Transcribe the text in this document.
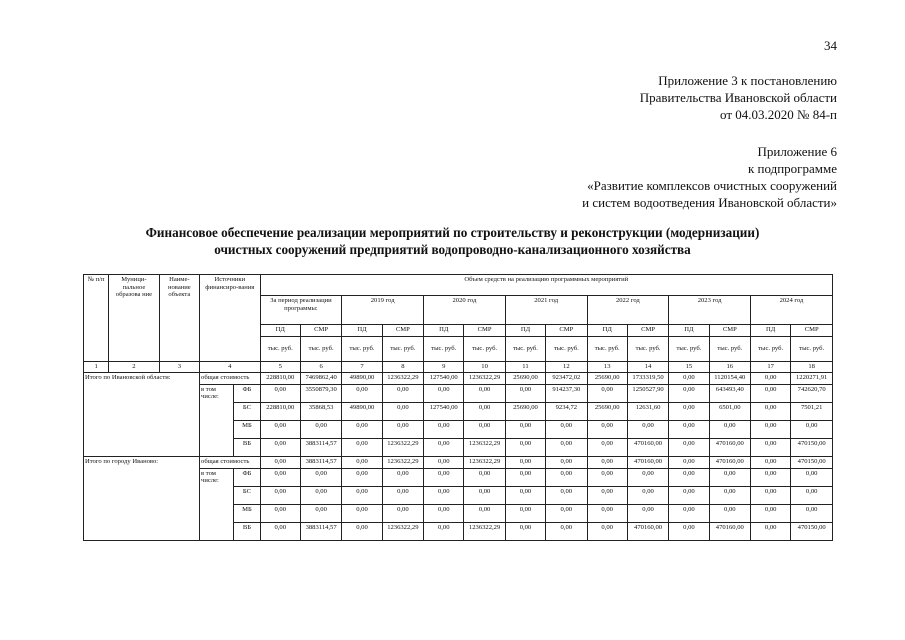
34
Приложение 3 к постановлению
Правительства Ивановской области
от 04.03.2020 № 84-п
Приложение 6
к подпрограмме
«Развитие комплексов очистных сооружений
и систем водоотведения Ивановской области»
Финансовое обеспечение реализации мероприятий по строительству и реконструкции (модернизации)
очистных сооружений предприятий водопроводно-канализационного хозяйства
№ п/п	Муници-пальное образова ние	Наиме-нование объекта	Источники финансиро-вания		Объем средств на реализацию программных мероприятий													
					За период реализации программы:		2019 год		2020 год		2021 год		2022 год		2023 год		2024 год	
					ПД	СМР	ПД	СМР	ПД	СМР	ПД	СМР	ПД	СМР	ПД	СМР	ПД	СМР
					тыс. руб.	тыс. руб.	тыс. руб.	тыс. руб.	тыс. руб.	тыс. руб.	тыс. руб.	тыс. руб.	тыс. руб.	тыс. руб.	тыс. руб.	тыс. руб.	тыс. руб.	тыс. руб.
1	2	3	4		5	6	7	8	9	10	11	12	13	14	15	16	17	18
Итого по Ивановской области:			общая стоимость		228810,00	7469862,40	49890,00	1236322,29	127540,00	1236322,29	25690,00	923472,02	25690,00	1733319,50	0,00	1120154,40	0,00	1220271,91
			в том числе:	ФБ	0,00	3550879,30	0,00	0,00	0,00	0,00	0,00	914237,30	0,00	1250527,90	0,00	643493,40	0,00	742620,70
				БС	228810,00	35868,53	49890,00	0,00	127540,00	0,00	25690,00	9234,72	25690,00	12631,60	0,00	6501,00	0,00	7501,21
				МБ	0,00	0,00	0,00	0,00	0,00	0,00	0,00	0,00	0,00	0,00	0,00	0,00	0,00	0,00
				ВБ	0,00	3883114,57	0,00	1236322,29	0,00	1236322,29	0,00	0,00	0,00	470160,00	0,00	470160,00	0,00	470150,00
Итого по городу Иваново:			общая стоимость		0,00	3883114,57	0,00	1236322,29	0,00	1236322,29	0,00	0,00	0,00	470160,00	0,00	470160,00	0,00	470150,00
			в том числе:	ФБ	0,00	0,00	0,00	0,00	0,00	0,00	0,00	0,00	0,00	0,00	0,00	0,00	0,00	0,00
				БС	0,00	0,00	0,00	0,00	0,00	0,00	0,00	0,00	0,00	0,00	0,00	0,00	0,00	0,00
				МБ	0,00	0,00	0,00	0,00	0,00	0,00	0,00	0,00	0,00	0,00	0,00	0,00	0,00	0,00
				ВБ	0,00	3883114,57	0,00	1236322,29	0,00	1236322,29	0,00	0,00	0,00	470160,00	0,00	470160,00	0,00	470150,00
